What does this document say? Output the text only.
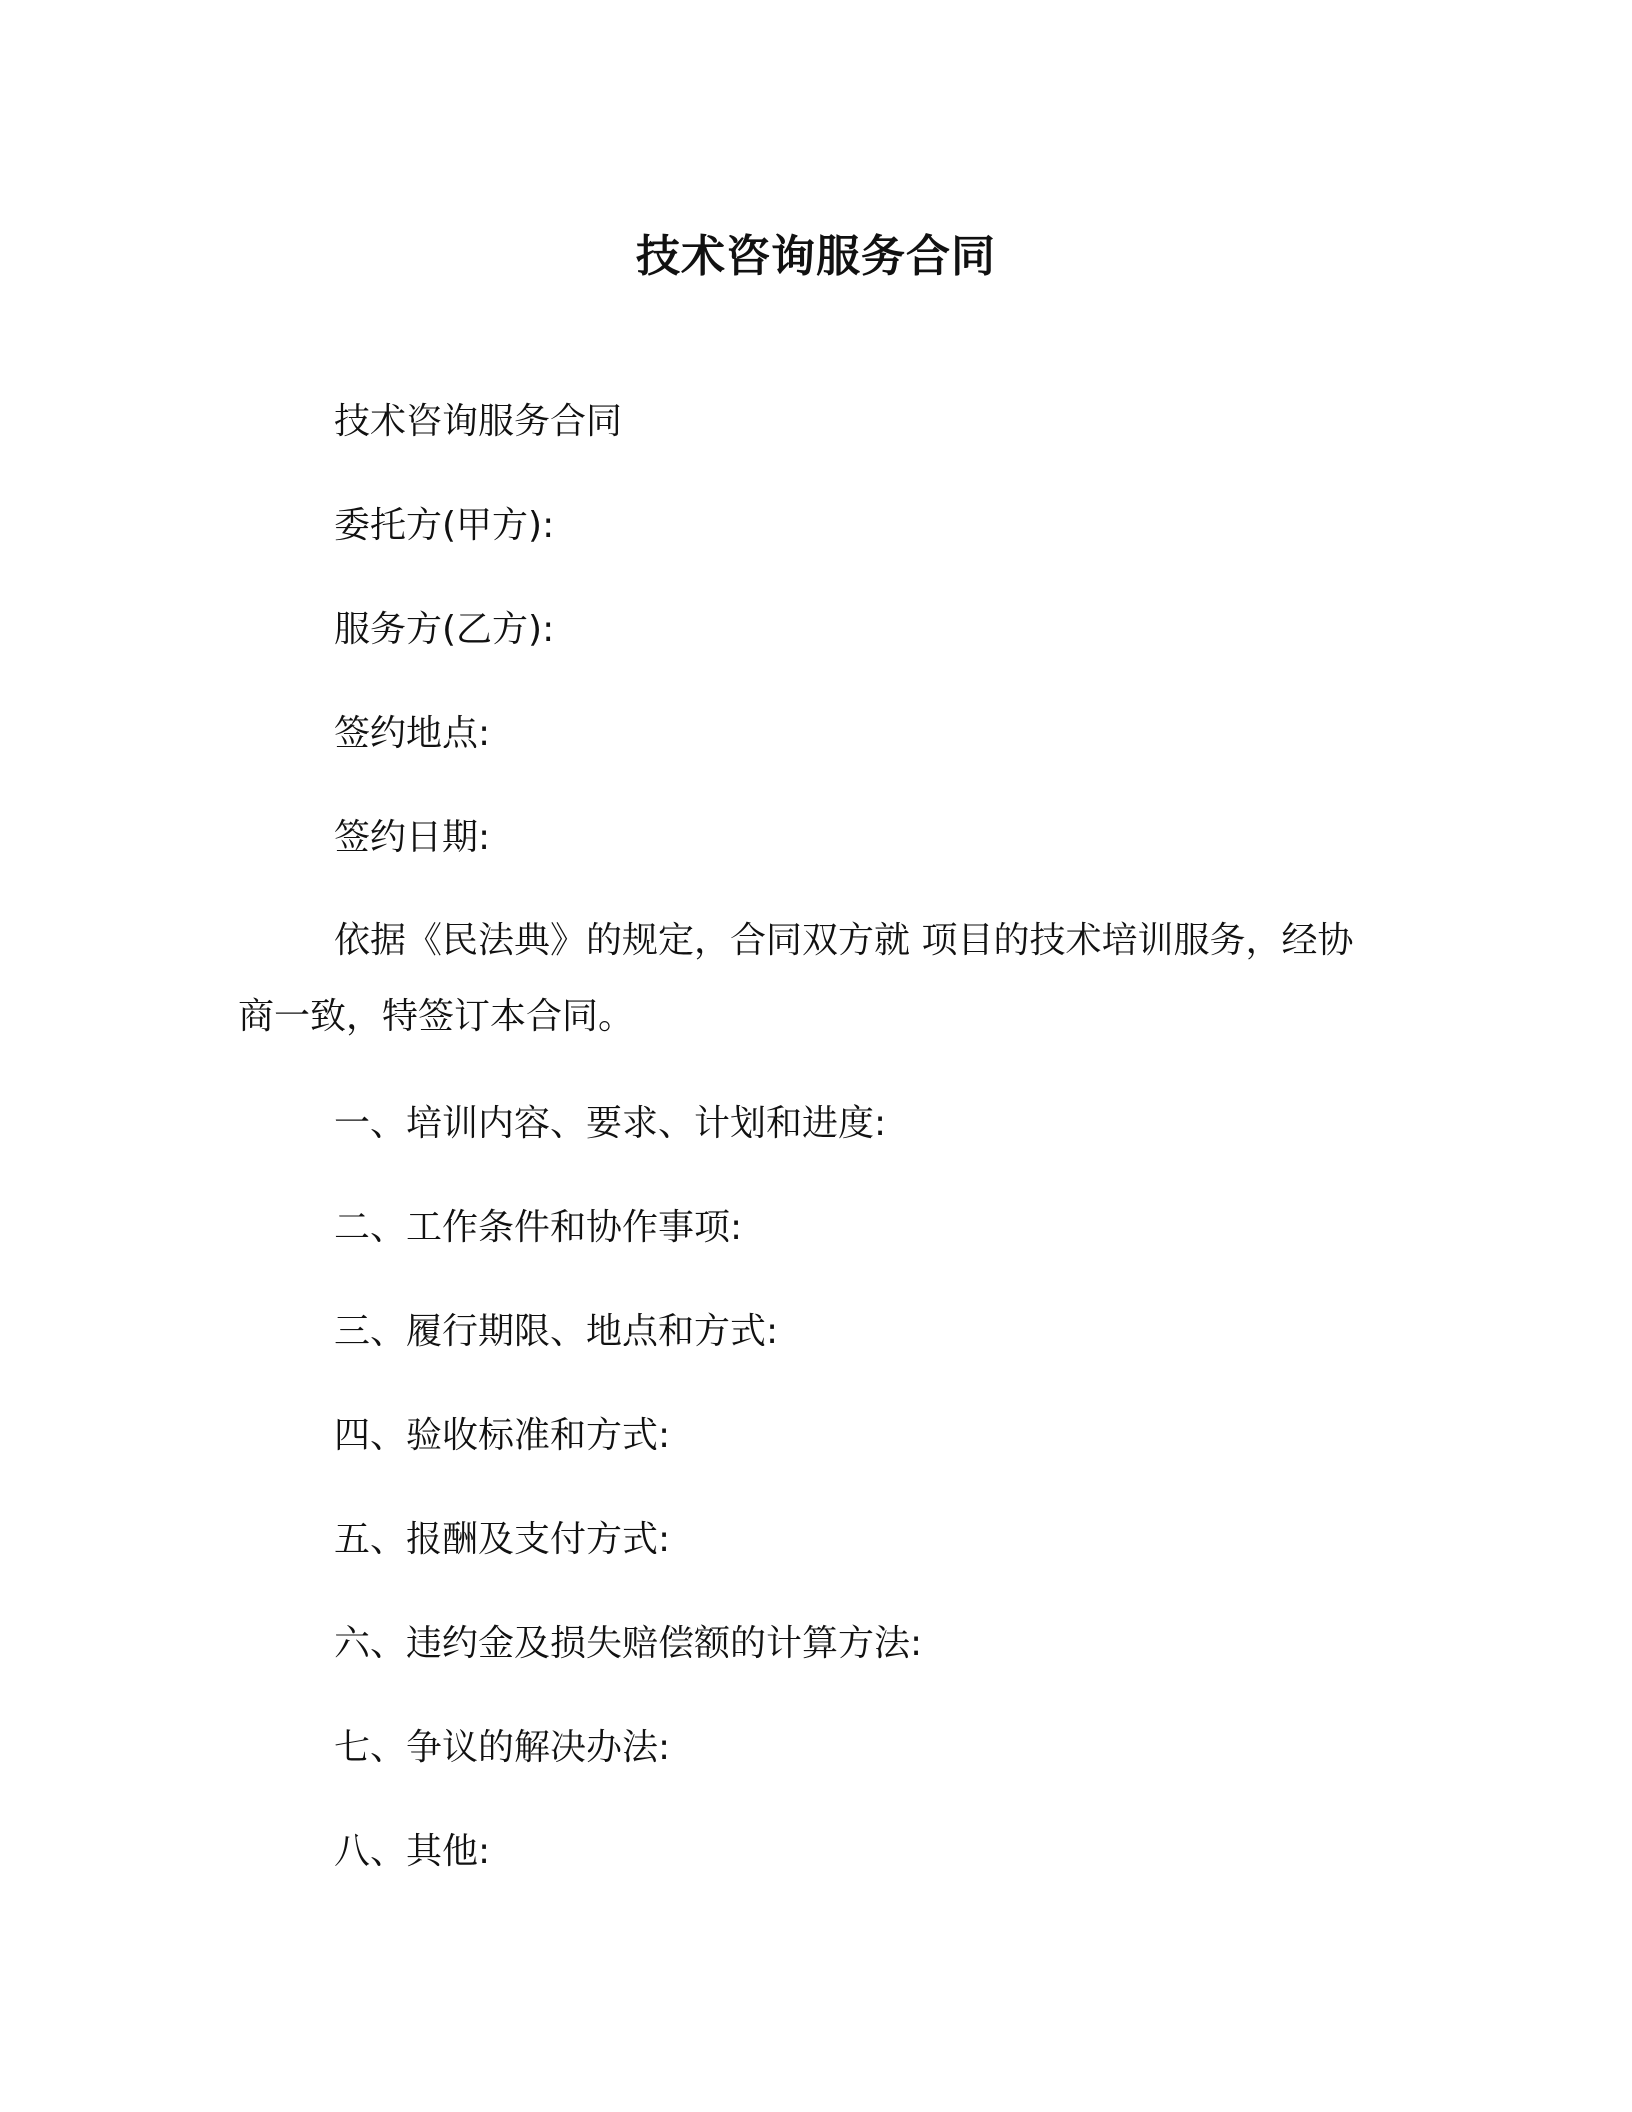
技术咨询服务合同
技术咨询服务合同
委托方(甲方):
服务方(乙方):
签约地点:
签约日期:
依据《民法典》的规定，合同双方就 项目的技术培训服务，经协商一致，特签订本合同。
一、培训内容、要求、计划和进度:
二、工作条件和协作事项:
三、履行期限、地点和方式:
四、验收标准和方式:
五、报酬及支付方式:
六、违约金及损失赔偿额的计算方法:
七、争议的解决办法:
八、其他:
